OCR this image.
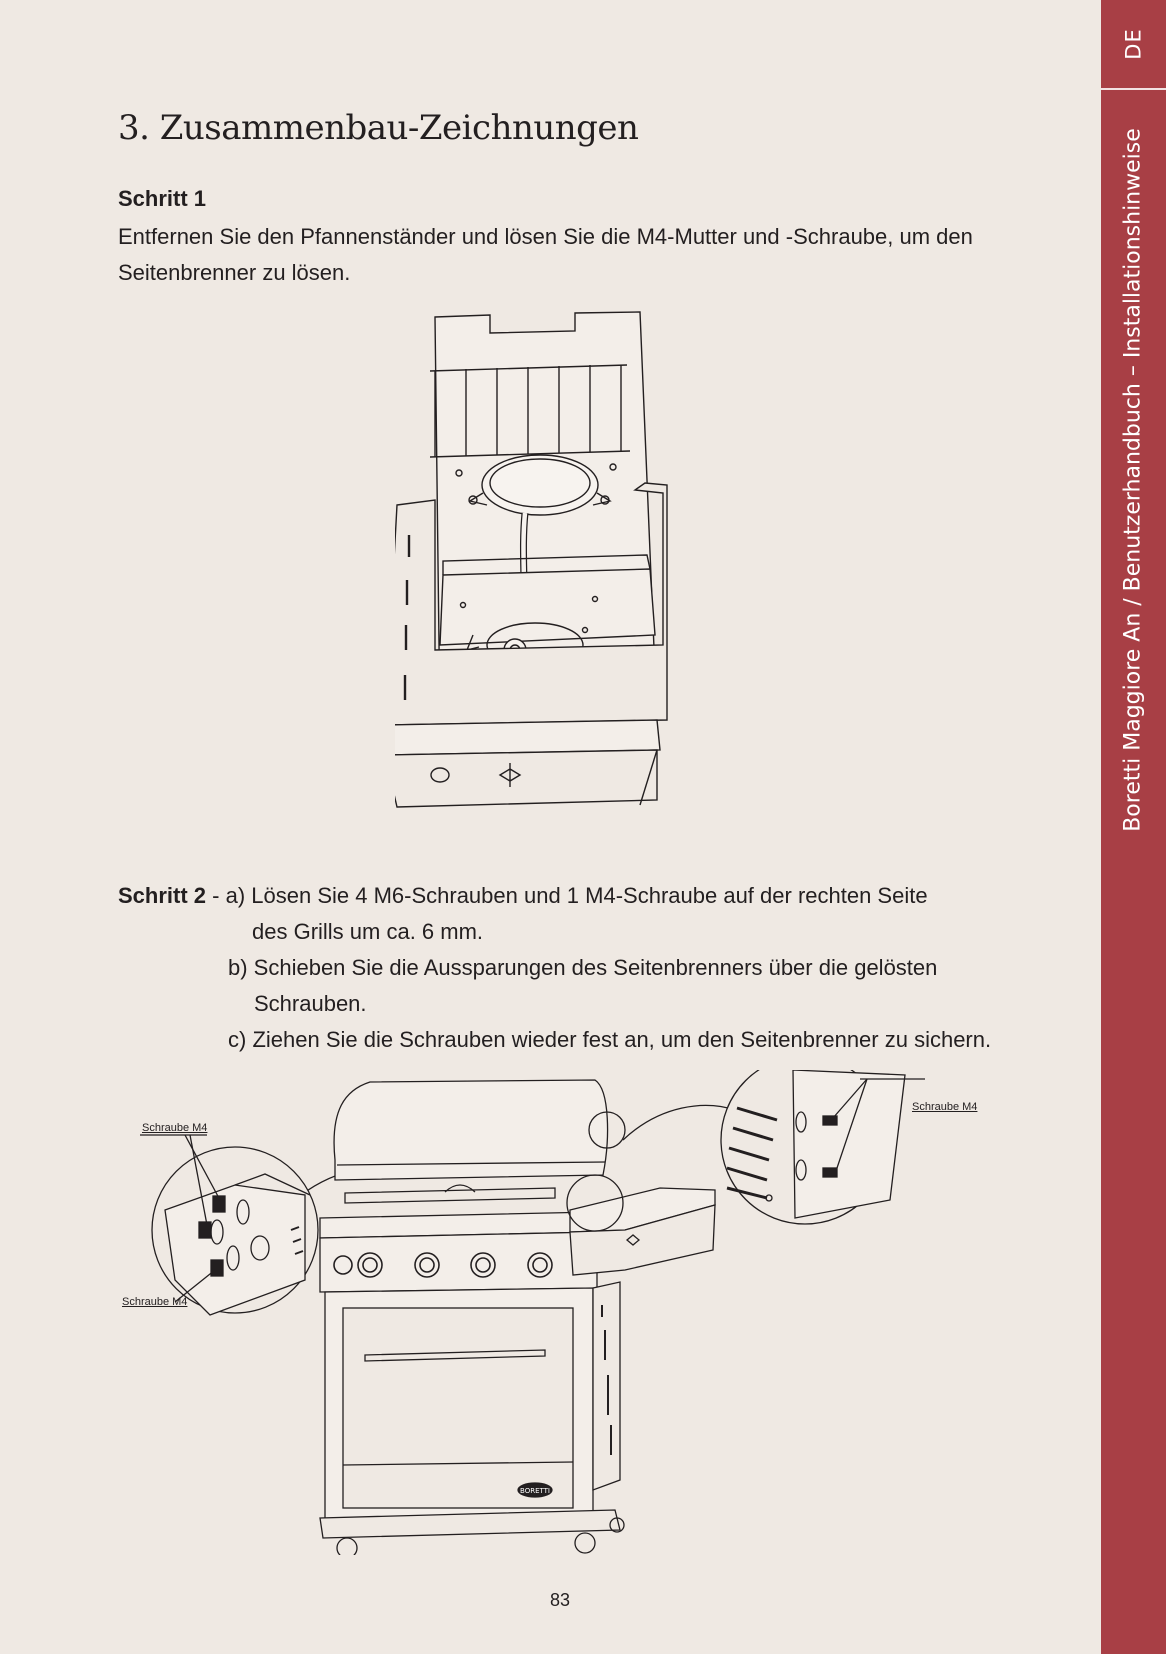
DE
Boretti Maggiore An / Benutzerhandbuch – Installationshinweise
3. Zusammenbau-Zeichnungen
Schritt 1

Entfernen Sie den Pfannenständer und lösen Sie die M4-Mutter und -Schraube, um den Seitenbrenner zu lösen.

Schritt 2 - a) Lösen Sie 4 M6-Schrauben und 1 M4-Schraube auf der rechten Seite
des Grills um ca. 6 mm.
b) Schieben Sie die Aussparungen des Seitenbrenners über die gelösten
Schrauben.
c) Ziehen Sie die Schrauben wieder fest an, um den Seitenbrenner zu sichern.
BORETTI
Schraube M4
Schraube M4
Schraube M4
83
